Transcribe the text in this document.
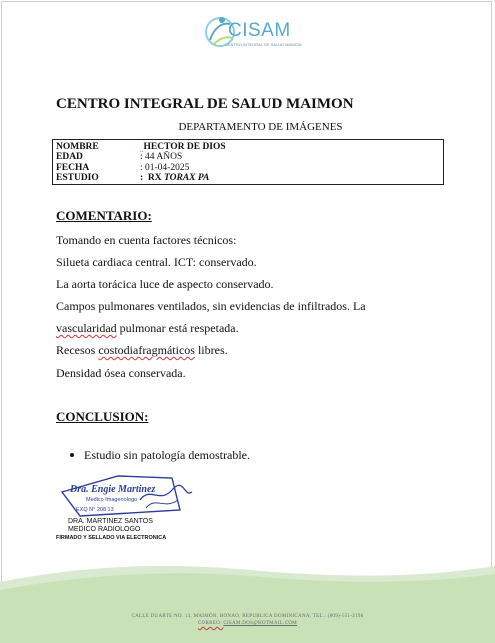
CISAM
CENTRO INTEGRAL DE SALUD MAIMON
CENTRO INTEGRAL DE SALUD MAIMON
DEPARTAMENTO DE IMÁGENES
NOMBRE	$_{..}$HECTOR DE DIOS
EDAD	: 44 AÑOS
FECHA	: 01-04-2025
ESTUDIO	:  RX TORAX PA
COMENTARIO:
Tomando en cuenta factores técnicos:
Silueta cardiaca central. ICT: conservado.
La aorta torácica luce de aspecto conservado.
Campos pulmonares ventilados, sin evidencias de infiltrados. La
vascularidad pulmonar está respetada.
Recesos costodiafragmáticos libres.
Densidad ósea conservada.
CONCLUSION:
Estudio sin patología demostrable.
Dra. Engie Martinez
Medico Imagenologo
EXQ N° 208 13
DRA. MARTINEZ SANTOS
MEDICO RADIOLOGO
FIRMADO Y SELLADO VIA ELECTRONICA
CALLE DUARTE NO. 13, MAIMÓN, BONAO, REPUBLICA DOMINICANA, TEL.: (809)-551-2198
CORREO: CISAM.DOS@HOTMAIL.COM
